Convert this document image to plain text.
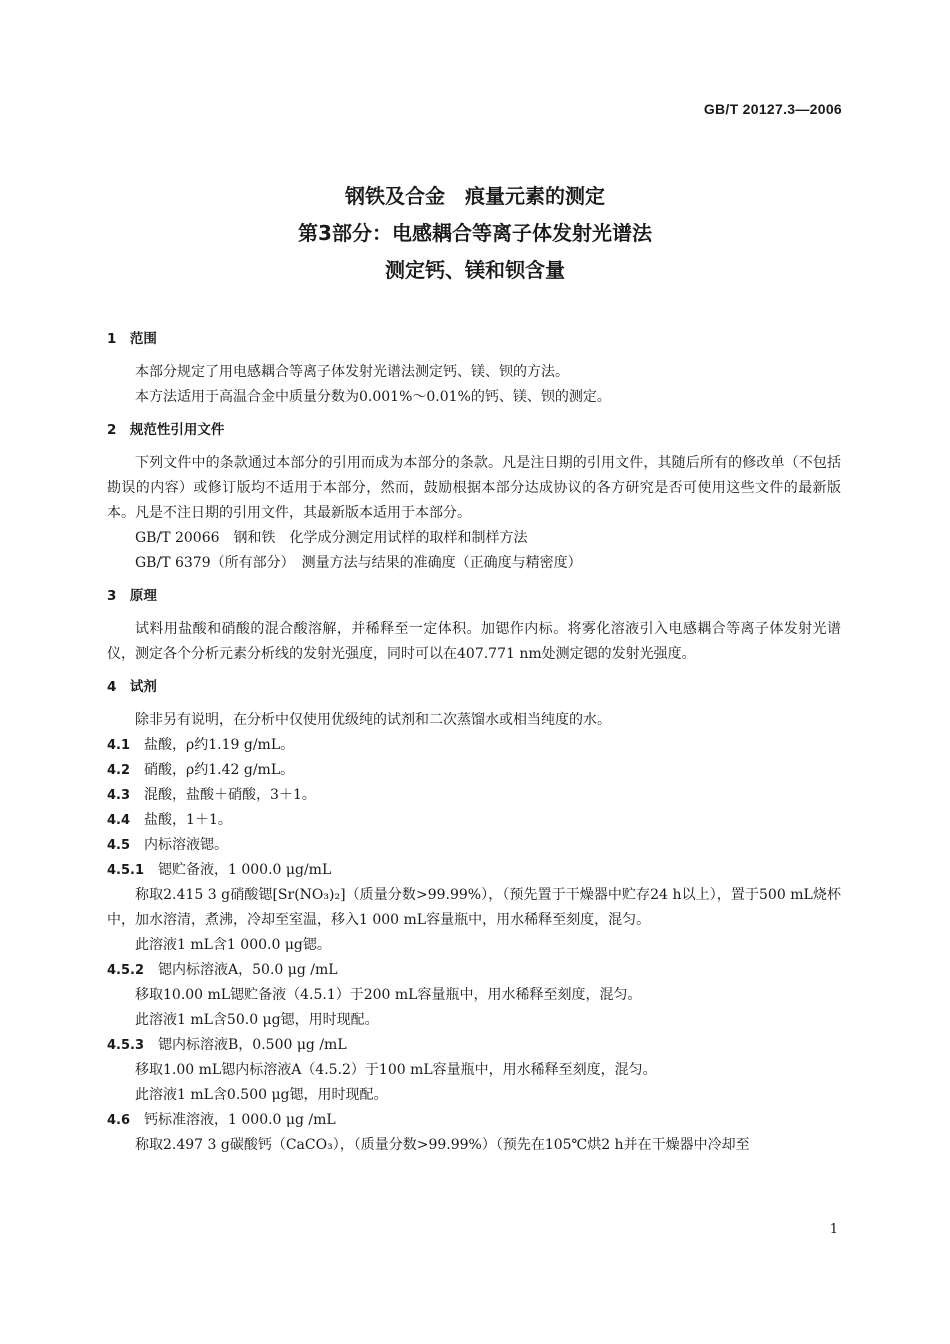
GB/T 20127.3—2006
钢铁及合金　痕量元素的测定
第3部分：电感耦合等离子体发射光谱法
测定钙、镁和钡含量
1　范围
本部分规定了用电感耦合等离子体发射光谱法测定钙、镁、钡的方法。
本方法适用于高温合金中质量分数为0.001%～0.01%的钙、镁、钡的测定。
2　规范性引用文件
下列文件中的条款通过本部分的引用而成为本部分的条款。凡是注日期的引用文件，其随后所有的修改单（不包括勘误的内容）或修订版均不适用于本部分，然而，鼓励根据本部分达成协议的各方研究是否可使用这些文件的最新版本。凡是不注日期的引用文件，其最新版本适用于本部分。
GB/T 20066　钢和铁　化学成分测定用试样的取样和制样方法
GB/T 6379（所有部分）　测量方法与结果的准确度（正确度与精密度）
3　原理
试料用盐酸和硝酸的混合酸溶解，并稀释至一定体积。加锶作内标。将雾化溶液引入电感耦合等离子体发射光谱仪，测定各个分析元素分析线的发射光强度，同时可以在407.771 nm处测定锶的发射光强度。
4　试剂
除非另有说明，在分析中仅使用优级纯的试剂和二次蒸馏水或相当纯度的水。
4.1　盐酸，ρ约1.19 g/mL。
4.2　硝酸，ρ约1.42 g/mL。
4.3　混酸，盐酸＋硝酸，3＋1。
4.4　盐酸，1＋1。
4.5　内标溶液锶。
4.5.1　锶贮备液，1 000.0 μg/mL
称取2.415 3 g硝酸锶[Sr(NO₃)₂]（质量分数>99.99%），（预先置于干燥器中贮存24 h以上），置于500 mL烧杯中，加水溶清，煮沸，冷却至室温，移入1 000 mL容量瓶中，用水稀释至刻度，混匀。
此溶液1 mL含1 000.0 μg锶。
4.5.2　锶内标溶液A，50.0 μg /mL
移取10.00 mL锶贮备液（4.5.1）于200 mL容量瓶中，用水稀释至刻度，混匀。
此溶液1 mL含50.0 μg锶，用时现配。
4.5.3　锶内标溶液B，0.500 μg /mL
移取1.00 mL锶内标溶液A（4.5.2）于100 mL容量瓶中，用水稀释至刻度，混匀。
此溶液1 mL含0.500 μg锶，用时现配。
4.6　钙标准溶液，1 000.0 μg /mL
称取2.497 3 g碳酸钙（CaCO₃），（质量分数>99.99%）（预先在105℃烘2 h并在干燥器中冷却至
1
